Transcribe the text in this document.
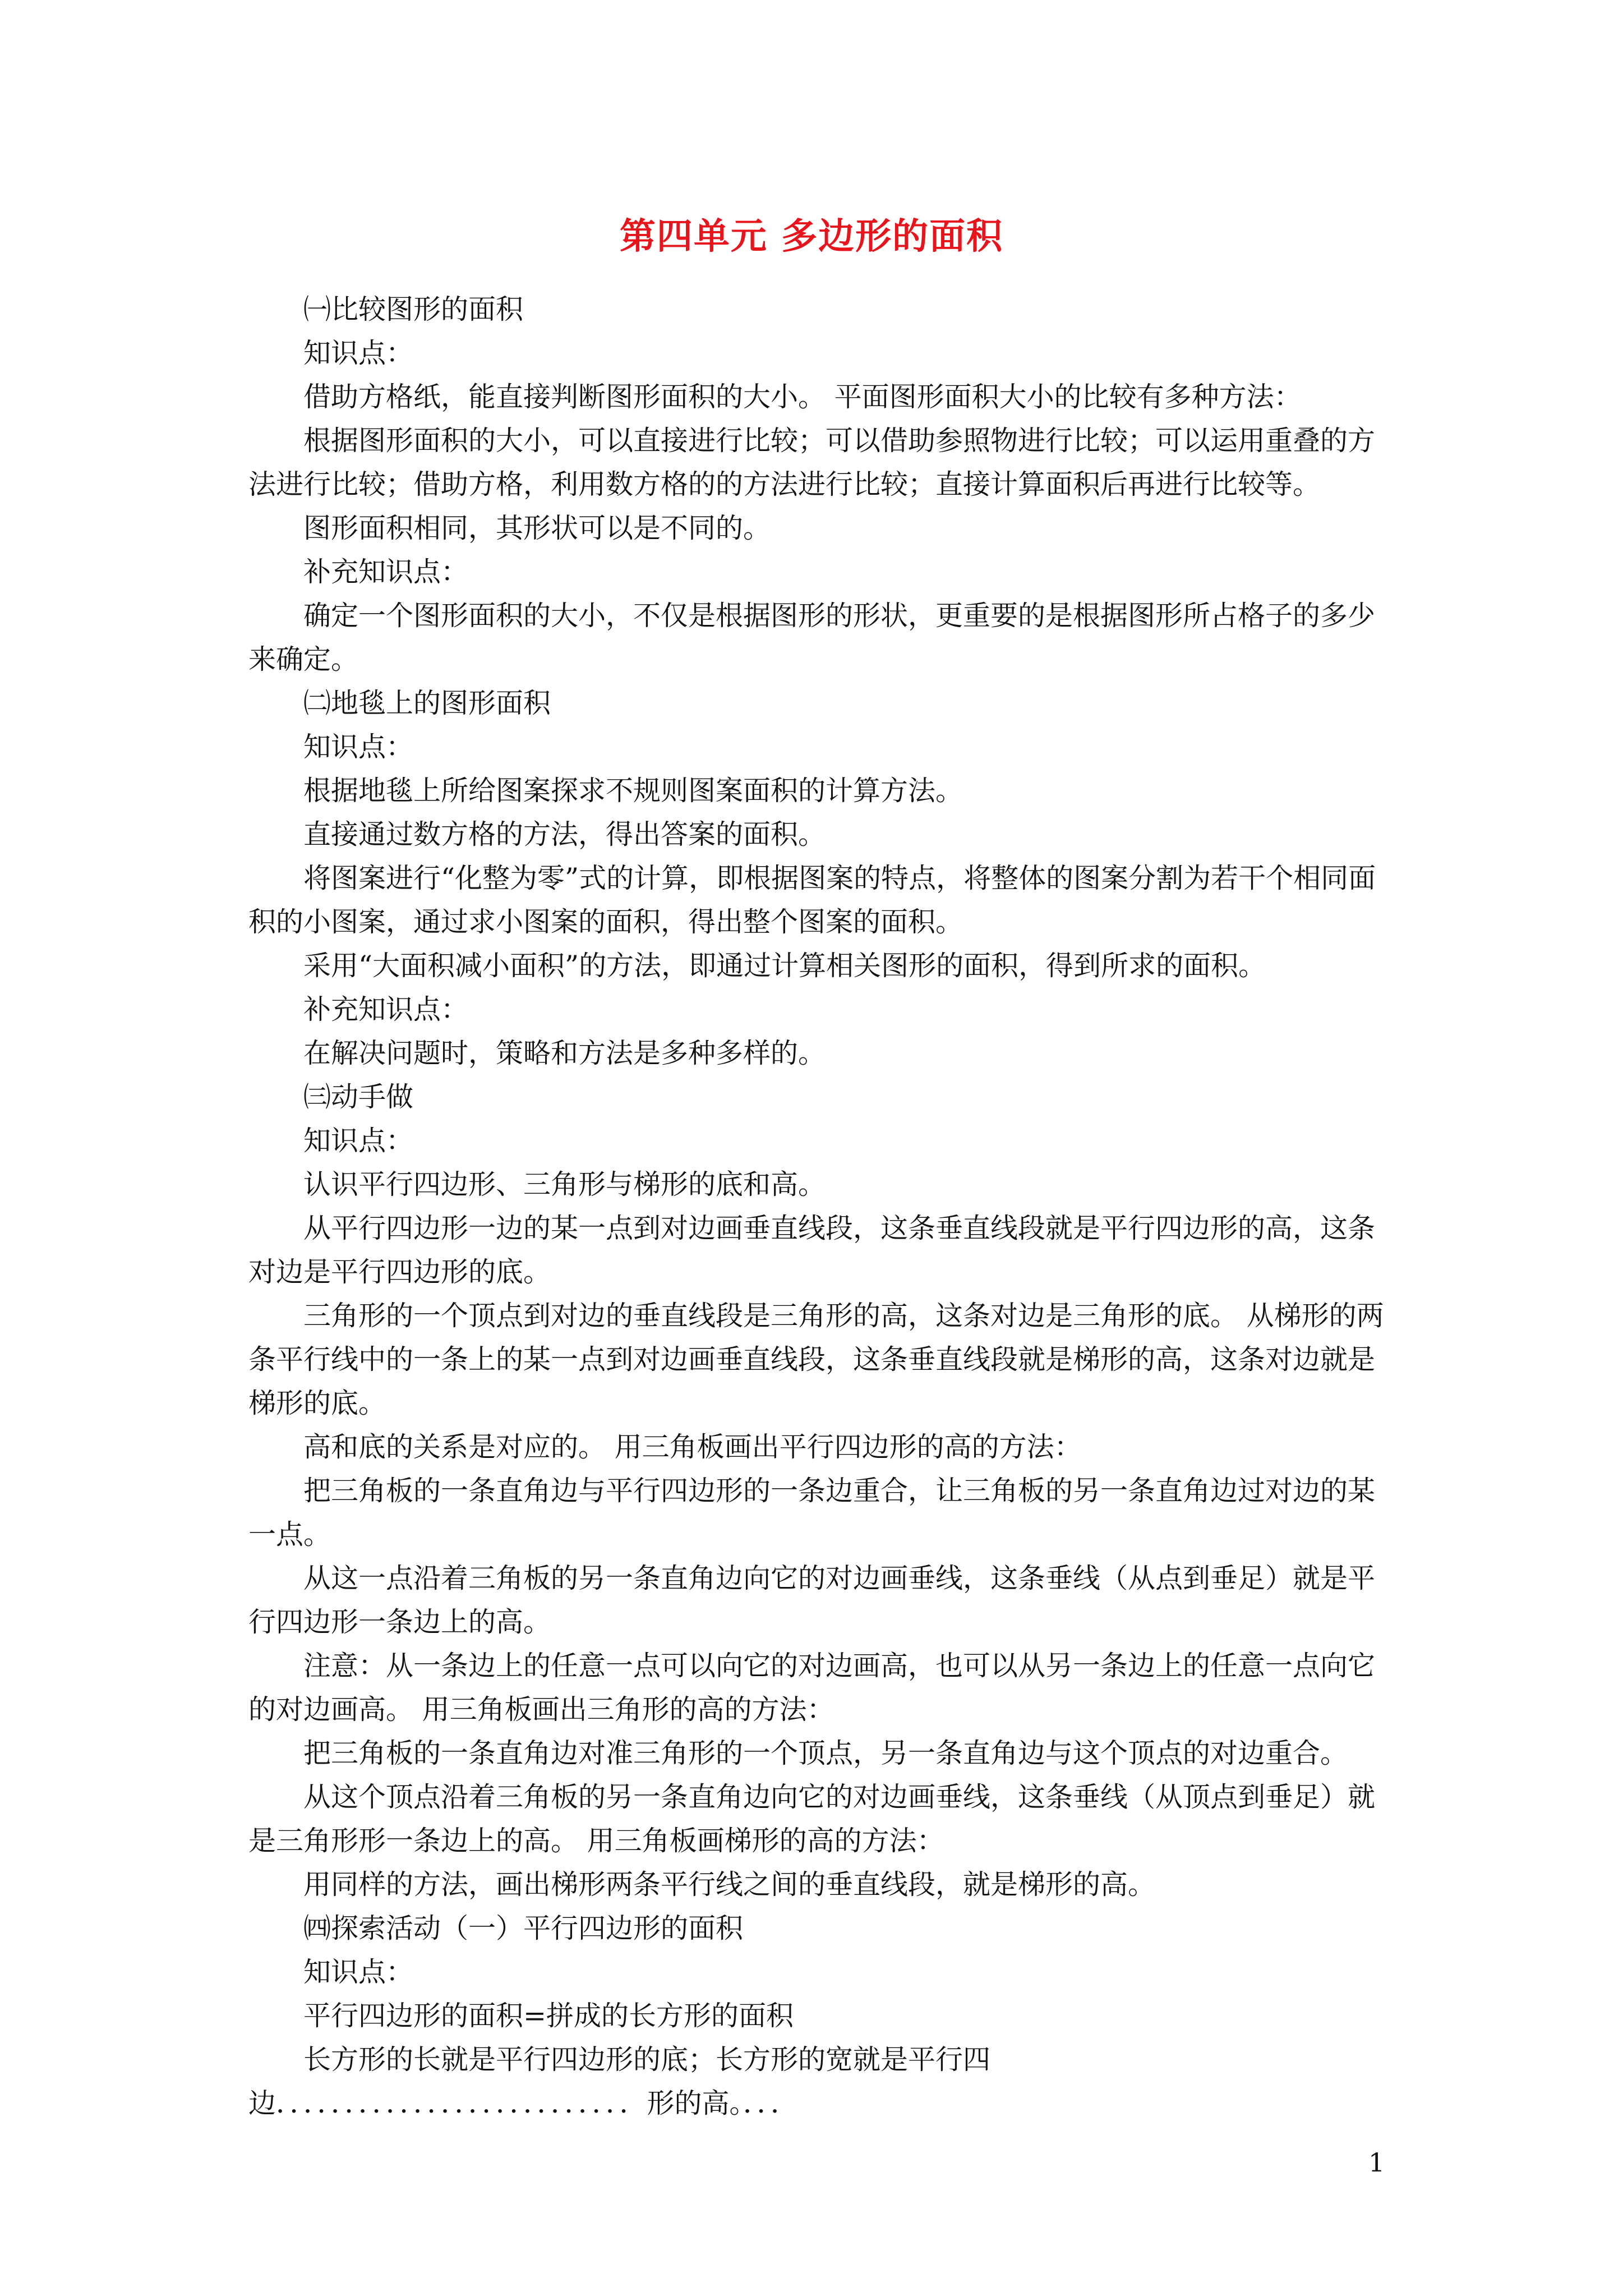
第四单元 多边形的面积

㈠比较图形的面积

知识点：

借助方格纸，能直接判断图形面积的大小。 平面图形面积大小的比较有多种方法：

根据图形面积的大小，可以直接进行比较；可以借助参照物进行比较；可以运用重叠的方法进行比较；借助方格，利用数方格的的方法进行比较；直接计算面积后再进行比较等。

图形面积相同，其形状可以是不同的。

补充知识点：

确定一个图形面积的大小，不仅是根据图形的形状，更重要的是根据图形所占格子的多少来确定。

㈡地毯上的图形面积

知识点：

根据地毯上所给图案探求不规则图案面积的计算方法。

直接通过数方格的方法，得出答案的面积。

将图案进行“化整为零”式的计算，即根据图案的特点，将整体的图案分割为若干个相同面积的小图案，通过求小图案的面积，得出整个图案的面积。

采用“大面积减小面积”的方法，即通过计算相关图形的面积，得到所求的面积。

补充知识点：

在解决问题时，策略和方法是多种多样的。

㈢动手做

知识点：

认识平行四边形、三角形与梯形的底和高。

从平行四边形一边的某一点到对边画垂直线段，这条垂直线段就是平行四边形的高，这条对边是平行四边形的底。

三角形的一个顶点到对边的垂直线段是三角形的高，这条对边是三角形的底。 从梯形的两条平行线中的一条上的某一点到对边画垂直线段，这条垂直线段就是梯形的高，这条对边就是梯形的底。

高和底的关系是对应的。 用三角板画出平行四边形的高的方法：

把三角板的一条直角边与平行四边形的一条边重合，让三角板的另一条直角边过对边的某一点。

从这一点沿着三角板的另一条直角边向它的对边画垂线，这条垂线（从点到垂足）就是平行四边形一条边上的高。

注意：从一条边上的任意一点可以向它的对边画高，也可以从另一条边上的任意一点向它的对边画高。 用三角板画出三角形的高的方法：

把三角板的一条直角边对准三角形的一个顶点，另一条直角边与这个顶点的对边重合。

从这个顶点沿着三角板的另一条直角边向它的对边画垂线，这条垂线（从顶点到垂足）就是三角形形一条边上的高。 用三角板画梯形的高的方法：

用同样的方法，画出梯形两条平行线之间的垂直线段，就是梯形的高。

㈣探索活动（一）平行四边形的面积

知识点：

平行四边形的面积=拼成的长方形的面积

长方形的长就是平行四边形的底；长方形的宽就是平行四

边．．．．．．．．．．．．．．．．．．．．．．．．．．形的高。．．．

1
